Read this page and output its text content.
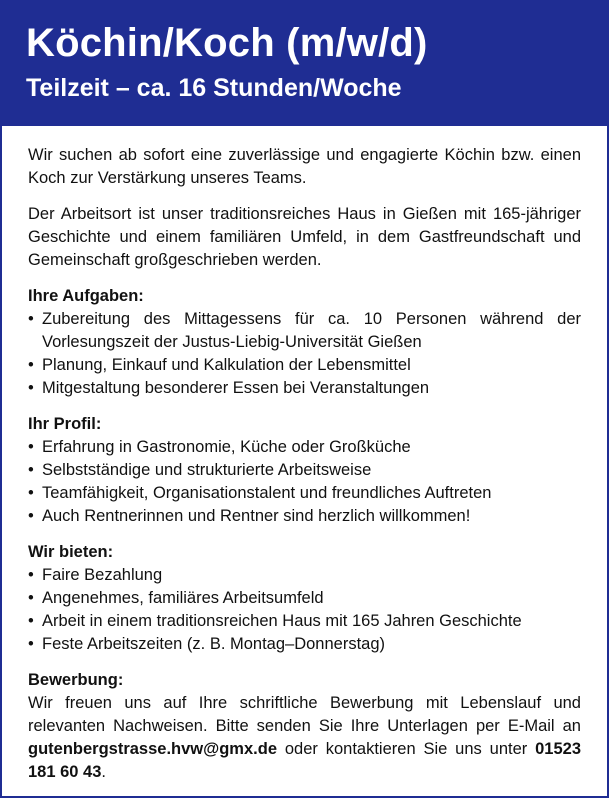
Köchin/Koch (m/w/d)
Teilzeit – ca. 16 Stunden/Woche

Wir suchen ab sofort eine zuverlässige und engagierte Köchin bzw. einen Koch zur Verstärkung unseres Teams.

Der Arbeitsort ist unser traditionsreiches Haus in Gießen mit 165-jähriger Geschichte und einem familiären Umfeld, in dem Gastfreundschaft und Gemeinschaft großgeschrieben werden.

Ihre Aufgaben:
• Zubereitung des Mittagessens für ca. 10 Personen während der Vorlesungszeit der Justus-Liebig-Universität Gießen
• Planung, Einkauf und Kalkulation der Lebensmittel
• Mitgestaltung besonderer Essen bei Veranstaltungen
Ihr Profil:
• Erfahrung in Gastronomie, Küche oder Großküche
• Selbstständige und strukturierte Arbeitsweise
• Teamfähigkeit, Organisationstalent und freundliches Auftreten
• Auch Rentnerinnen und Rentner sind herzlich willkommen!
Wir bieten:
• Faire Bezahlung
• Angenehmes, familiäres Arbeitsumfeld
• Arbeit in einem traditionsreichen Haus mit 165 Jahren Geschichte
• Feste Arbeitszeiten (z. B. Montag–Donnerstag)
Bewerbung:

Wir freuen uns auf Ihre schriftliche Bewerbung mit Lebenslauf und relevanten Nachweisen. Bitte senden Sie Ihre Unterlagen per E-Mail an gutenbergstrasse.hvw@gmx.de oder kontaktieren Sie uns unter 01523 181 60 43.
